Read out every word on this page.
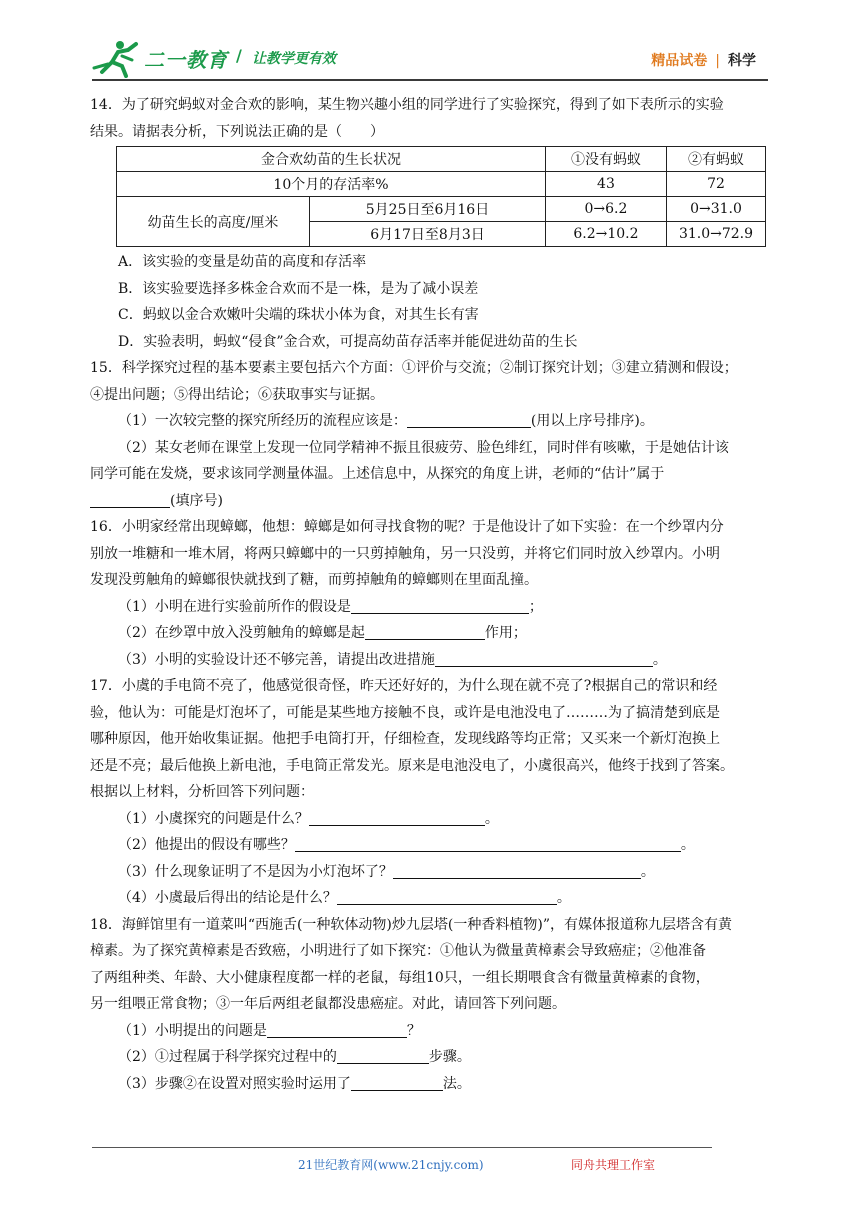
二一教育 / 让教学更有效	精品试卷 | 科学

14．为了研究蚂蚁对金合欢的影响，某生物兴趣小组的同学进行了实验探究，得到了如下表所示的实验

结果。请据表分析，下列说法正确的是（　　）

金合欢幼苗的生长状况		①没有蚂蚁	②有蚂蚁
10个月的存活率%		43	72
幼苗生长的高度/厘米	5月25日至6月16日	0→6.2	0→31.0
	6月17日至8月3日	6.2→10.2	31.0→72.9

A．该实验的变量是幼苗的高度和存活率

B．该实验要选择多株金合欢而不是一株，是为了减小误差

C．蚂蚁以金合欢嫩叶尖端的珠状小体为食，对其生长有害

D．实验表明，蚂蚁“侵食”金合欢，可提高幼苗存活率并能促进幼苗的生长

15．科学探究过程的基本要素主要包括六个方面：①评价与交流；②制订探究计划；③建立猜测和假设；

④提出问题；⑤得出结论；⑥获取事实与证据。

（1）一次较完整的探究所经历的流程应该是：	(用以上序号排序)。

（2）某女老师在课堂上发现一位同学精神不振且很疲劳、脸色绯红，同时伴有咳嗽，于是她估计该

同学可能在发烧，要求该同学测量体温。上述信息中，从探究的角度上讲，老师的“估计”属于

(填序号)

16．小明家经常出现蟑螂，他想：蟑螂是如何寻找食物的呢？于是他设计了如下实验：在一个纱罩内分

别放一堆糖和一堆木屑，将两只蟑螂中的一只剪掉触角，另一只没剪，并将它们同时放入纱罩内。小明

发现没剪触角的蟑螂很快就找到了糖，而剪掉触角的蟑螂则在里面乱撞。

（1）小明在进行实验前所作的假设是	；

（2）在纱罩中放入没剪触角的蟑螂是起	作用；

（3）小明的实验设计还不够完善，请提出改进措施	。

17．小虞的手电筒不亮了，他感觉很奇怪，昨天还好好的，为什么现在就不亮了?根据自己的常识和经

验，他认为：可能是灯泡坏了，可能是某些地方接触不良，或许是电池没电了………为了搞清楚到底是

哪种原因，他开始收集证据。他把手电筒打开，仔细检查，发现线路等均正常；又买来一个新灯泡换上

还是不亮；最后他换上新电池，手电筒正常发光。原来是电池没电了，小虞很高兴，他终于找到了答案。

根据以上材料，分析回答下列问题：

（1）小虞探究的问题是什么？	。

（2）他提出的假设有哪些？	。

（3）什么现象证明了不是因为小灯泡坏了？	。

（4）小虞最后得出的结论是什么？	。

18．海鲜馆里有一道菜叫“西施舌(一种软体动物)炒九层塔(一种香料植物)”，有媒体报道称九层塔含有黄

樟素。为了探究黄樟素是否致癌，小明进行了如下探究：①他认为微量黄樟素会导致癌症；②他准备

了两组种类、年龄、大小健康程度都一样的老鼠，每组10只，一组长期喂食含有微量黄樟素的食物，

另一组喂正常食物；③一年后两组老鼠都没患癌症。对此，请回答下列问题。

（1）小明提出的问题是	？

（2）①过程属于科学探究过程中的	步骤。

（3）步骤②在设置对照实验时运用了	法。

21世纪教育网(www.21cnjy.com)	同舟共理工作室
